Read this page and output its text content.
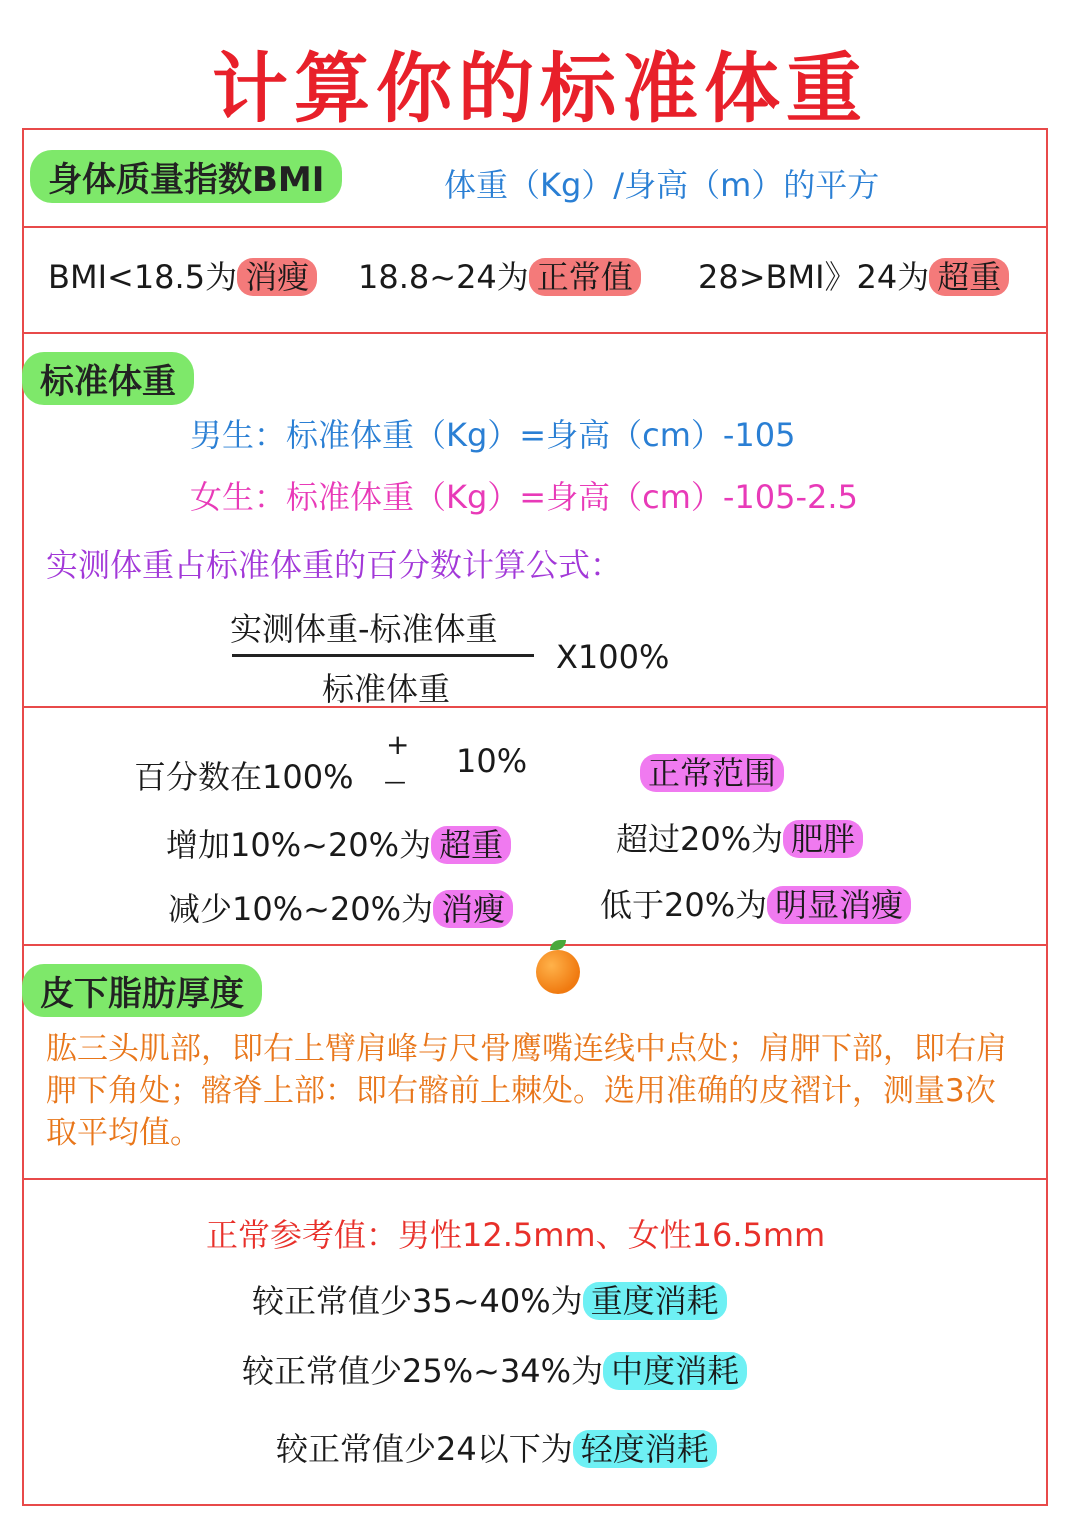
计算你的标准体重
身体质量指数BMI	体重（Kg）/身高（m）的平方
BMI<18.5为 消瘦 18.8~24为 正常值 28>BMI》24为 超重
标准体重
男生：标准体重（Kg）=身高（cm）-105
女生：标准体重（Kg）=身高（cm）-105-2.5
实测体重占标准体重的百分数计算公式：
实测体重-标准体重
标准体重
X100%
百分数在100%
+
—
10%	正常范围
增加10%~20%为 超重
减少10%~20%为 消瘦
超过20%为 肥胖
低于20%为 明显消瘦
皮下脂肪厚度
肱三头肌部，即右上臂肩峰与尺骨鹰嘴连线中点处；肩胛下部，即右肩胛下角处；髂脊上部：即右髂前上棘处。选用准确的皮褶计，测量3次取平均值。
正常参考值：男性12.5mm、女性16.5mm
较正常值少35~40%为 重度消耗
较正常值少25%~34%为 中度消耗
较正常值少24以下为 轻度消耗
